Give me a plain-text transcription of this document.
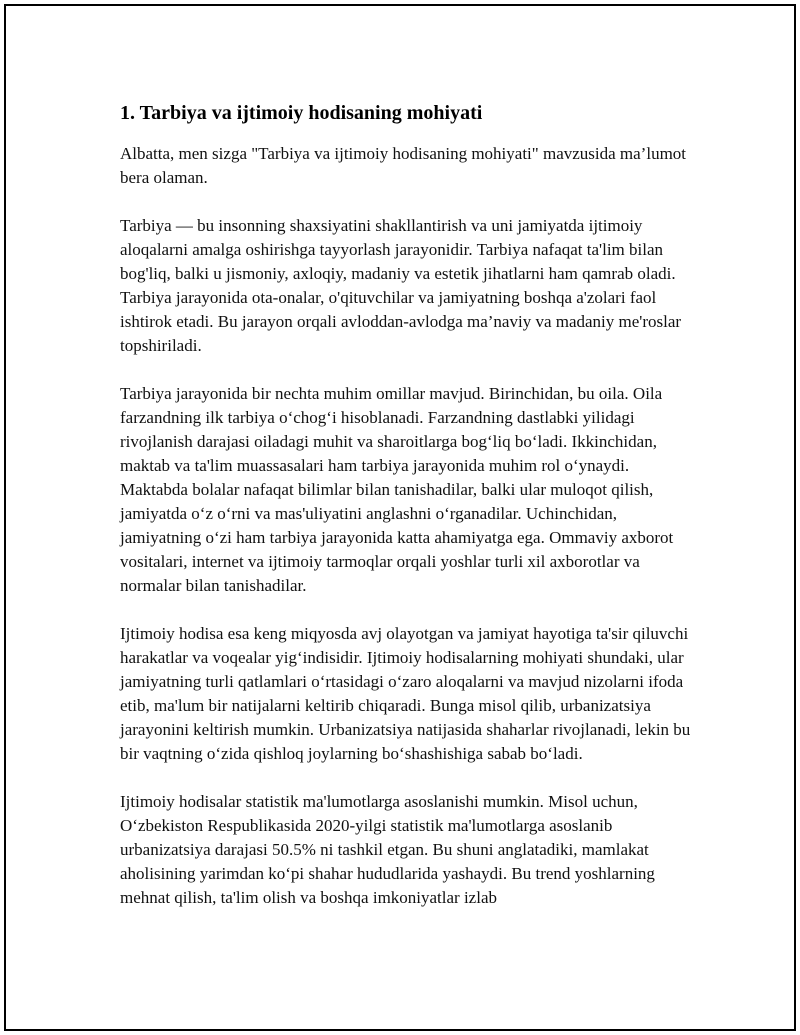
1. Tarbiya va ijtimoiy hodisaning mohiyati

Albatta, men sizga "Tarbiya va ijtimoiy hodisaning mohiyati" mavzusida ma’lumot bera olaman.

Tarbiya — bu insonning shaxsiyatini shakllantirish va uni jamiyatda ijtimoiy aloqalarni amalga oshirishga tayyorlash jarayonidir. Tarbiya nafaqat ta'lim bilan bog'liq, balki u jismoniy, axloqiy, madaniy va estetik jihatlarni ham qamrab oladi. Tarbiya jarayonida ota-onalar, o'qituvchilar va jamiyatning boshqa a'zolari faol ishtirok etadi. Bu jarayon orqali avloddan-avlodga ma’naviy va madaniy me'roslar topshiriladi.

Tarbiya jarayonida bir nechta muhim omillar mavjud. Birinchidan, bu oila. Oila farzandning ilk tarbiya o‘chog‘i hisoblanadi. Farzandning dastlabki yilidagi rivojlanish darajasi oiladagi muhit va sharoitlarga bog‘liq bo‘ladi. Ikkinchidan, maktab va ta'lim muassasalari ham tarbiya jarayonida muhim rol o‘ynaydi. Maktabda bolalar nafaqat bilimlar bilan tanishadilar, balki ular muloqot qilish, jamiyatda o‘z o‘rni va mas'uliyatini anglashni o‘rganadilar. Uchinchidan, jamiyatning o‘zi ham tarbiya jarayonida katta ahamiyatga ega. Ommaviy axborot vositalari, internet va ijtimoiy tarmoqlar orqali yoshlar turli xil axborotlar va normalar bilan tanishadilar.

Ijtimoiy hodisa esa keng miqyosda avj olayotgan va jamiyat hayotiga ta'sir qiluvchi harakatlar va voqealar yig‘indisidir. Ijtimoiy hodisalarning mohiyati shundaki, ular jamiyatning turli qatlamlari o‘rtasidagi o‘zaro aloqalarni va mavjud nizolarni ifoda etib, ma'lum bir natijalarni keltirib chiqaradi. Bunga misol qilib, urbanizatsiya jarayonini keltirish mumkin. Urbanizatsiya natijasida shaharlar rivojlanadi, lekin bu bir vaqtning o‘zida qishloq joylarning bo‘shashishiga sabab bo‘ladi.

Ijtimoiy hodisalar statistik ma'lumotlarga asoslanishi mumkin. Misol uchun, O‘zbekiston Respublikasida 2020-yilgi statistik ma'lumotlarga asoslanib urbanizatsiya darajasi 50.5% ni tashkil etgan. Bu shuni anglatadiki, mamlakat aholisining yarimdan ko‘pi shahar hududlarida yashaydi. Bu trend yoshlarning mehnat qilish, ta'lim olish va boshqa imkoniyatlar izlab
